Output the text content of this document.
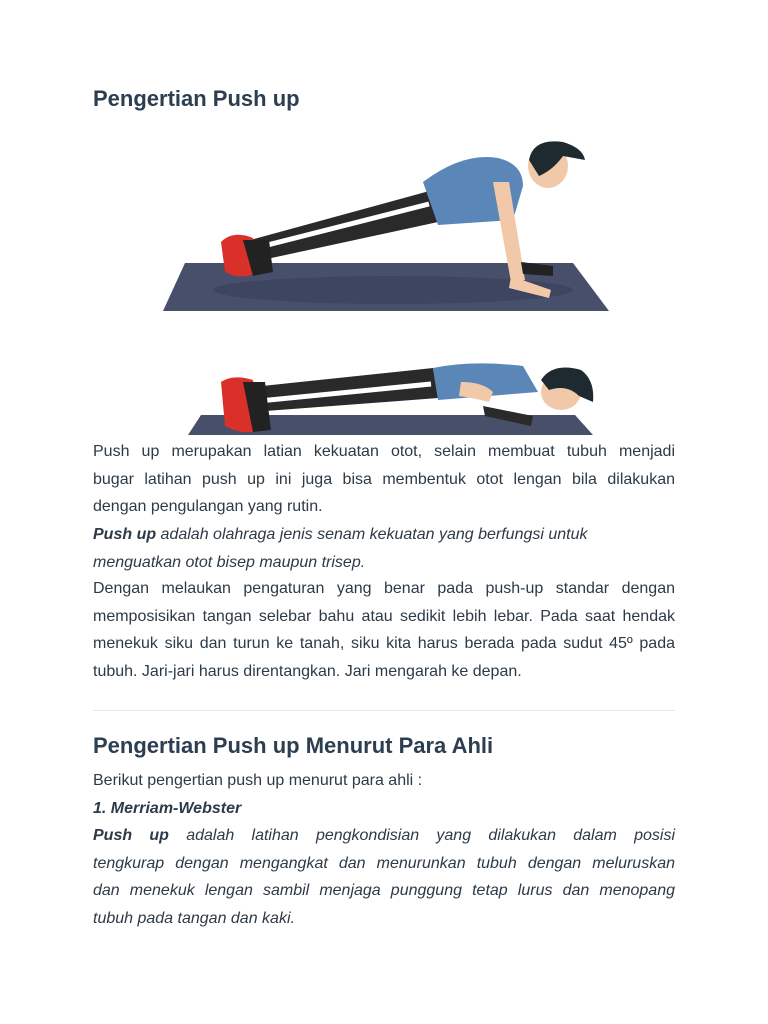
Pengertian Push up
Push up merupakan latian kekuatan otot, selain membuat tubuh menjadi
bugar latihan push up ini juga bisa membentuk otot lengan bila dilakukan
dengan pengulangan yang rutin.
Push up adalah olahraga jenis senam kekuatan yang berfungsi untuk
menguatkan otot bisep maupun trisep.
Dengan melaukan pengaturan yang benar pada push-up standar dengan
memposisikan tangan selebar bahu atau sedikit lebih lebar. Pada saat hendak
menekuk siku dan turun ke tanah, siku kita harus berada pada sudut 45º pada
tubuh. Jari-jari harus direntangkan. Jari mengarah ke depan.
Pengertian Push up Menurut Para Ahli
Berikut pengertian push up menurut para ahli :
1. Merriam-Webster
Push up adalah latihan pengkondisian yang dilakukan dalam posisi
tengkurap dengan mengangkat dan menurunkan tubuh dengan meluruskan
dan menekuk lengan sambil menjaga punggung tetap lurus dan menopang
tubuh pada tangan dan kaki.
